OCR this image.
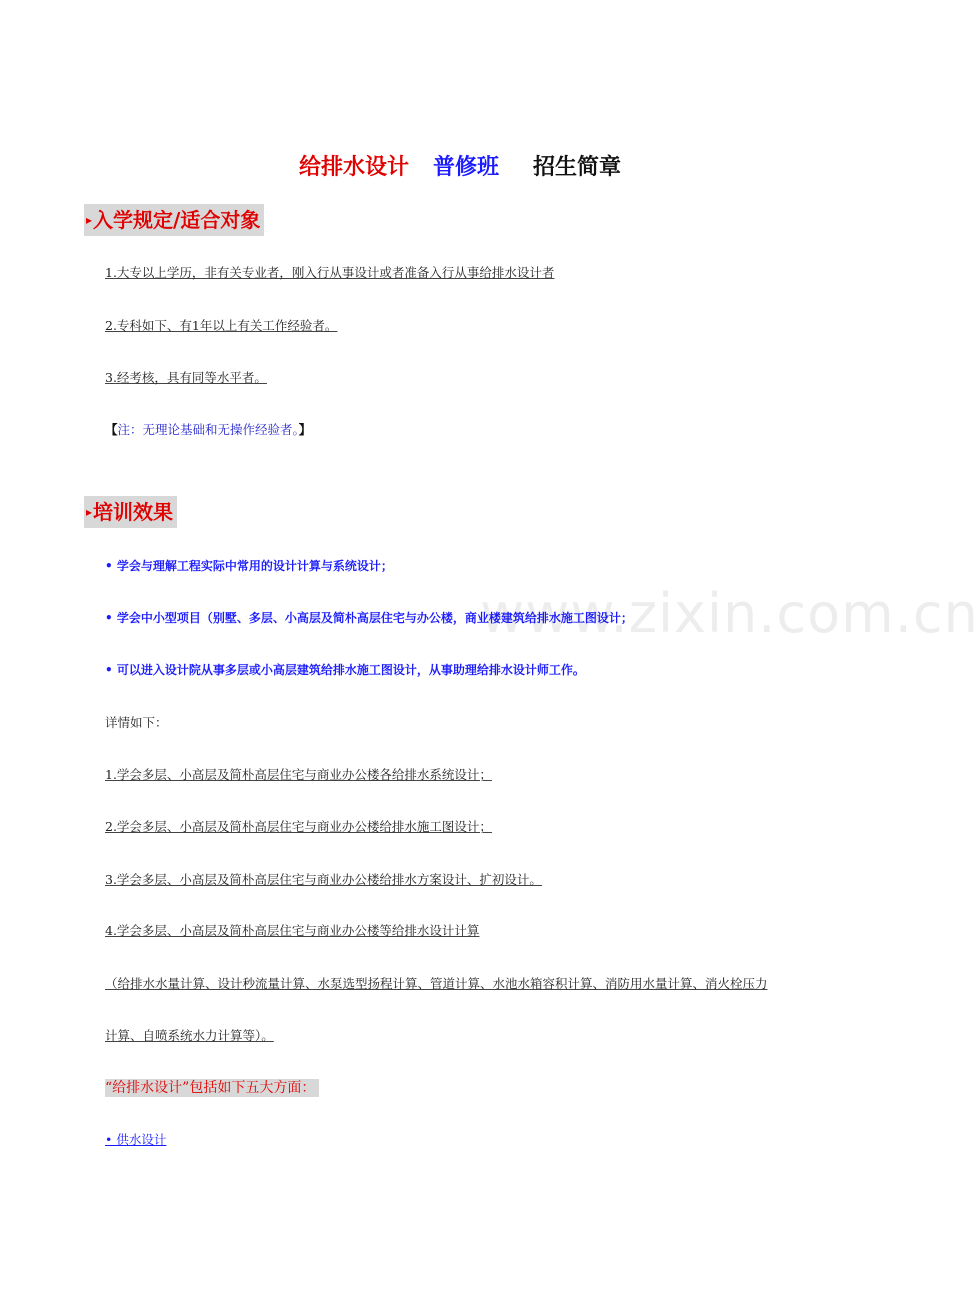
给排水设计 普修班 招生简章
▸入学规定/适合对象
1.大专以上学历，非有关专业者，刚入行从事设计或者准备入行从事给排水设计者
2.专科如下、有1年以上有关工作经验者。
3.经考核，具有同等水平者。
【注：无理论基础和无操作经验者。】
▸培训效果
• 学会与理解工程实际中常用的设计计算与系统设计；
• 学会中小型项目（别墅、多层、小高层及简朴高层住宅与办公楼，商业楼建筑给排水施工图设计；
• 可以进入设计院从事多层或小高层建筑给排水施工图设计，从事助理给排水设计师工作。
详情如下：
1.学会多层、小高层及简朴高层住宅与商业办公楼各给排水系统设计；
2.学会多层、小高层及简朴高层住宅与商业办公楼给排水施工图设计；
3.学会多层、小高层及简朴高层住宅与商业办公楼给排水方案设计、扩初设计。
4.学会多层、小高层及简朴高层住宅与商业办公楼等给排水设计计算
（给排水水量计算、设计秒流量计算、水泵选型扬程计算、管道计算、水池水箱容积计算、消防用水量计算、消火栓压力
计算、自喷系统水力计算等）。
“给排水设计”包括如下五大方面：
• 供水设计
www.zixin.com.cn
